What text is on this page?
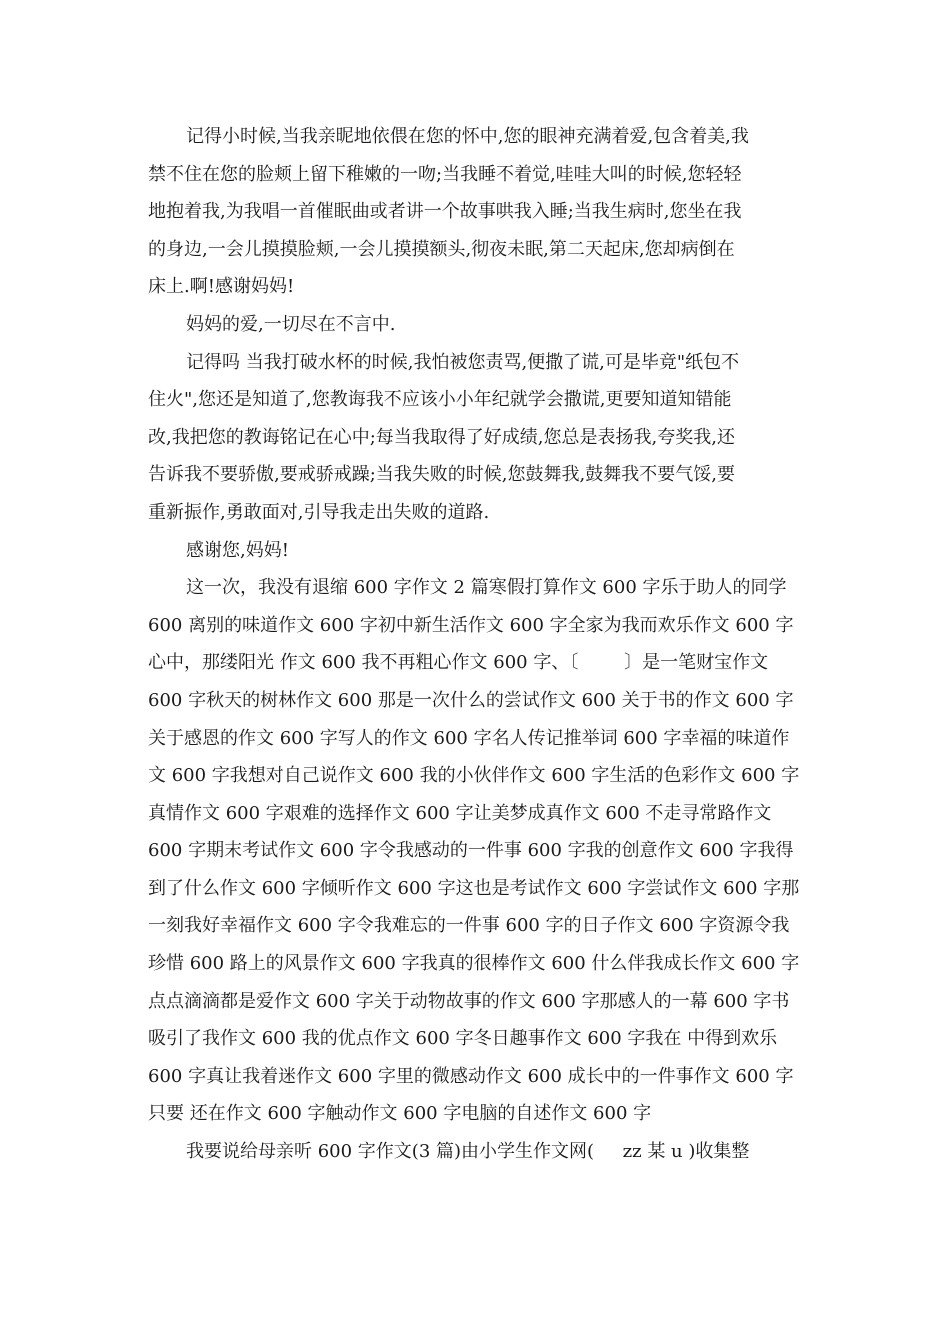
记得小时候,当我亲昵地依偎在您的怀中,您的眼神充满着爱,包含着美,我
禁不住在您的脸颊上留下稚嫩的一吻;当我睡不着觉,哇哇大叫的时候,您轻轻
地抱着我,为我唱一首催眠曲或者讲一个故事哄我入睡;当我生病时,您坐在我
的身边,一会儿摸摸脸颊,一会儿摸摸额头,彻夜未眠,第二天起床,您却病倒在
床上.啊!感谢妈妈!
妈妈的爱,一切尽在不言中.
记得吗 当我打破水杯的时候,我怕被您责骂,便撒了谎,可是毕竟"纸包不
住火",您还是知道了,您教诲我不应该小小年纪就学会撒谎,更要知道知错能
改,我把您的教诲铭记在心中;每当我取得了好成绩,您总是表扬我,夸奖我,还
告诉我不要骄傲,要戒骄戒躁;当我失败的时候,您鼓舞我,鼓舞我不要气馁,要
重新振作,勇敢面对,引导我走出失败的道路.
感谢您,妈妈!
这一次，我没有退缩 600 字作文 2 篇寒假打算作文 600 字乐于助人的同学
600 离别的味道作文 600 字初中新生活作文 600 字全家为我而欢乐作文 600 字
心中，那缕阳光 作文 600 我不再粗心作文 600 字、〔        〕是一笔财宝作文
600 字秋天的树林作文 600 那是一次什么的尝试作文 600 关于书的作文 600 字
关于感恩的作文 600 字写人的作文 600 字名人传记推举词 600 字幸福的味道作
文 600 字我想对自己说作文 600 我的小伙伴作文 600 字生活的色彩作文 600 字
真情作文 600 字艰难的选择作文 600 字让美梦成真作文 600 不走寻常路作文
600 字期末考试作文 600 字令我感动的一件事 600 字我的创意作文 600 字我得
到了什么作文 600 字倾听作文 600 字这也是考试作文 600 字尝试作文 600 字那
一刻我好幸福作文 600 字令我难忘的一件事 600 字的日子作文 600 字资源令我
珍惜 600 路上的风景作文 600 字我真的很棒作文 600 什么伴我成长作文 600 字
点点滴滴都是爱作文 600 字关于动物故事的作文 600 字那感人的一幕 600 字书
吸引了我作文 600 我的优点作文 600 字冬日趣事作文 600 字我在 中得到欢乐
600 字真让我着迷作文 600 字里的微感动作文 600 成长中的一件事作文 600 字
只要 还在作文 600 字触动作文 600 字电脑的自述作文 600 字
我要说给母亲听 600 字作文(3 篇)由小学生作文网(     zz 某 u )收集整
